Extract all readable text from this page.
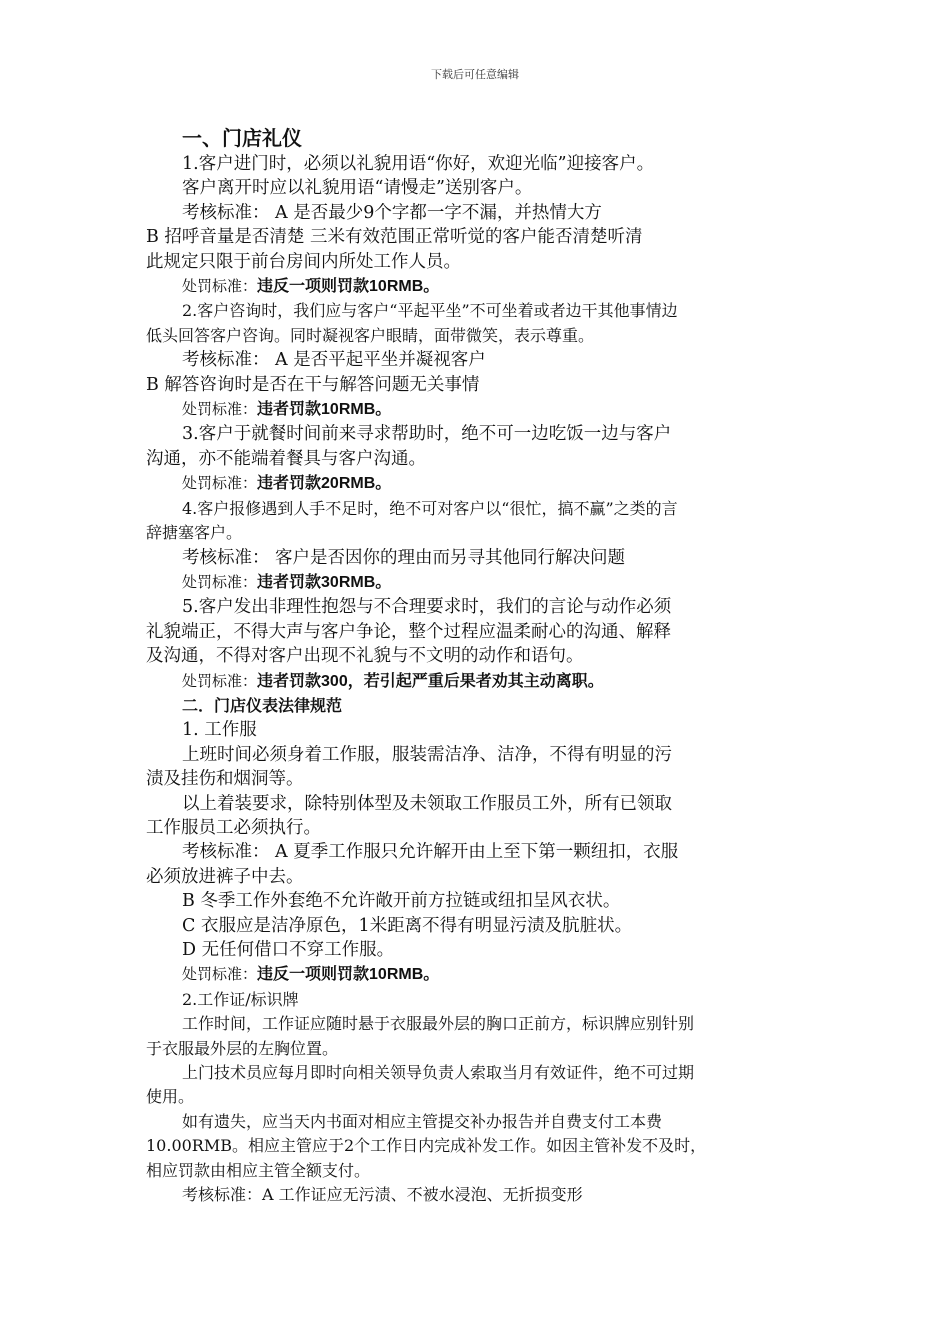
下载后可任意编辑
一、门店礼仪
1.客户进门时，必须以礼貌用语“你好，欢迎光临”迎接客户。
客户离开时应以礼貌用语“请慢走”送别客户。
考核标准： A 是否最少9个字都一字不漏，并热情大方
B 招呼音量是否清楚 三米有效范围正常听觉的客户能否清楚听清
此规定只限于前台房间内所处工作人员。
处罚标准：违反一项则罚款10RMB。
2.客户咨询时，我们应与客户“平起平坐”不可坐着或者边干其他事情边
低头回答客户咨询。同时凝视客户眼睛，面带微笑，表示尊重。
考核标准： A 是否平起平坐并凝视客户
B 解答咨询时是否在干与解答问题无关事情
处罚标准：违者罚款10RMB。
3.客户于就餐时间前来寻求帮助时，绝不可一边吃饭一边与客户
沟通，亦不能端着餐具与客户沟通。
处罚标准：违者罚款20RMB。
4.客户报修遇到人手不足时，绝不可对客户以“很忙，搞不赢”之类的言
辞搪塞客户。
考核标准： 客户是否因你的理由而另寻其他同行解决问题
处罚标准：违者罚款30RMB。
5.客户发出非理性抱怨与不合理要求时，我们的言论与动作必须
礼貌端正，不得大声与客户争论，整个过程应温柔耐心的沟通、解释
及沟通，不得对客户出现不礼貌与不文明的动作和语句。
处罚标准：违者罚款300，若引起严重后果者劝其主动离职。
二．门店仪表法律规范
1. 工作服
上班时间必须身着工作服，服装需洁净、洁净，不得有明显的污
渍及挂伤和烟洞等。
以上着装要求，除特别体型及未领取工作服员工外，所有已领取
工作服员工必须执行。
考核标准： A 夏季工作服只允许解开由上至下第一颗纽扣，衣服
必须放进裤子中去。
B 冬季工作外套绝不允许敞开前方拉链或纽扣呈风衣状。
C 衣服应是洁净原色，1米距离不得有明显污渍及肮脏状。
D 无任何借口不穿工作服。
处罚标准：违反一项则罚款10RMB。
2.工作证/标识牌
工作时间，工作证应随时悬于衣服最外层的胸口正前方，标识牌应别针别
于衣服最外层的左胸位置。
上门技术员应每月即时向相关领导负责人索取当月有效证件，绝不可过期
使用。
如有遗失，应当天内书面对相应主管提交补办报告并自费支付工本费
10.00RMB。相应主管应于2个工作日内完成补发工作。如因主管补发不及时，
相应罚款由相应主管全额支付。
考核标准：A 工作证应无污渍、不被水浸泡、无折损变形
